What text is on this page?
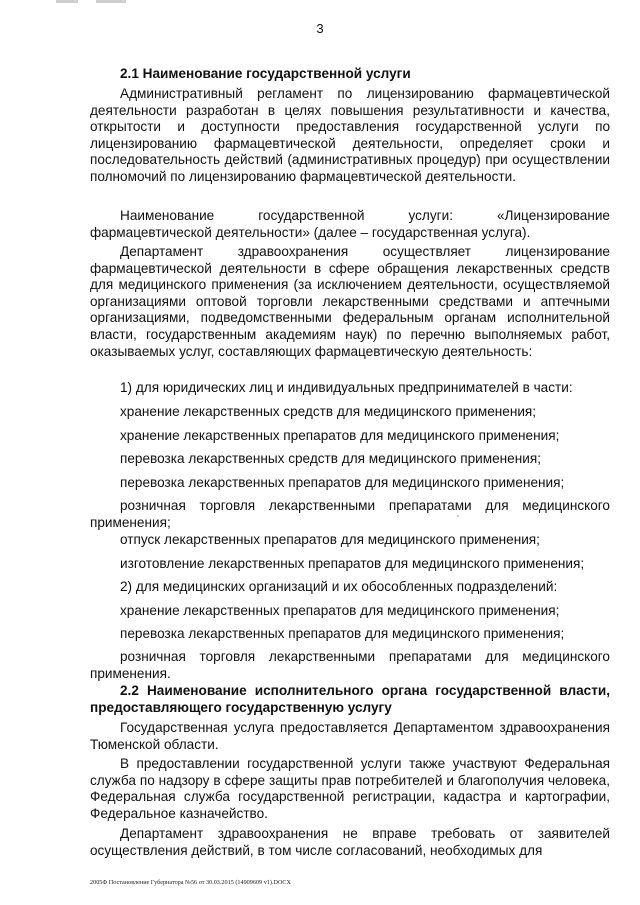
3
2.1 Наименование государственной услуги
Административный регламент по лицензированию фармацевтической деятельности разработан в целях повышения результативности и качества, открытости и доступности предоставления государственной услуги по лицензированию фармацевтической деятельности, определяет сроки и последовательность действий (административных процедур) при осуществлении полномочий по лицензированию фармацевтической деятельности.
Наименование государственной услуги: «Лицензирование фармацевтической деятельности» (далее – государственная услуга).
Департамент здравоохранения осуществляет лицензирование фармацевтической деятельности в сфере обращения лекарственных средств для медицинского применения (за исключением деятельности, осуществляемой организациями оптовой торговли лекарственными средствами и аптечными организациями, подведомственными федеральным органам исполнительной власти, государственным академиям наук) по перечню выполняемых работ, оказываемых услуг, составляющих фармацевтическую деятельность:
1) для юридических лиц и индивидуальных предпринимателей в части:
хранение лекарственных средств для медицинского применения;
хранение лекарственных препаратов для медицинского применения;
перевозка лекарственных средств для медицинского применения;
перевозка лекарственных препаратов для медицинского применения;
розничная торговля лекарственными препаратами для медицинского применения;
отпуск лекарственных препаратов для медицинского применения;
изготовление лекарственных препаратов для медицинского применения;
2) для медицинских организаций и их обособленных подразделений:
хранение лекарственных препаратов для медицинского применения;
перевозка лекарственных препаратов для медицинского применения;
розничная торговля лекарственными препаратами для медицинского применения.
2.2 Наименование исполнительного органа государственной власти, предоставляющего государственную услугу
Государственная услуга предоставляется Департаментом здравоохранения Тюменской области.
В предоставлении государственной услуги также участвуют Федеральная служба по надзору в сфере защиты прав потребителей и благополучия человека, Федеральная служба государственной регистрации, кадастра и картографии, Федеральное казначейство.
Департамент здравоохранения не вправе требовать от заявителей осуществления действий, в том числе согласований, необходимых для
2005Ф Постановление Губернатора №56 от 30.03.2015 (14909609 v1).DOCX
